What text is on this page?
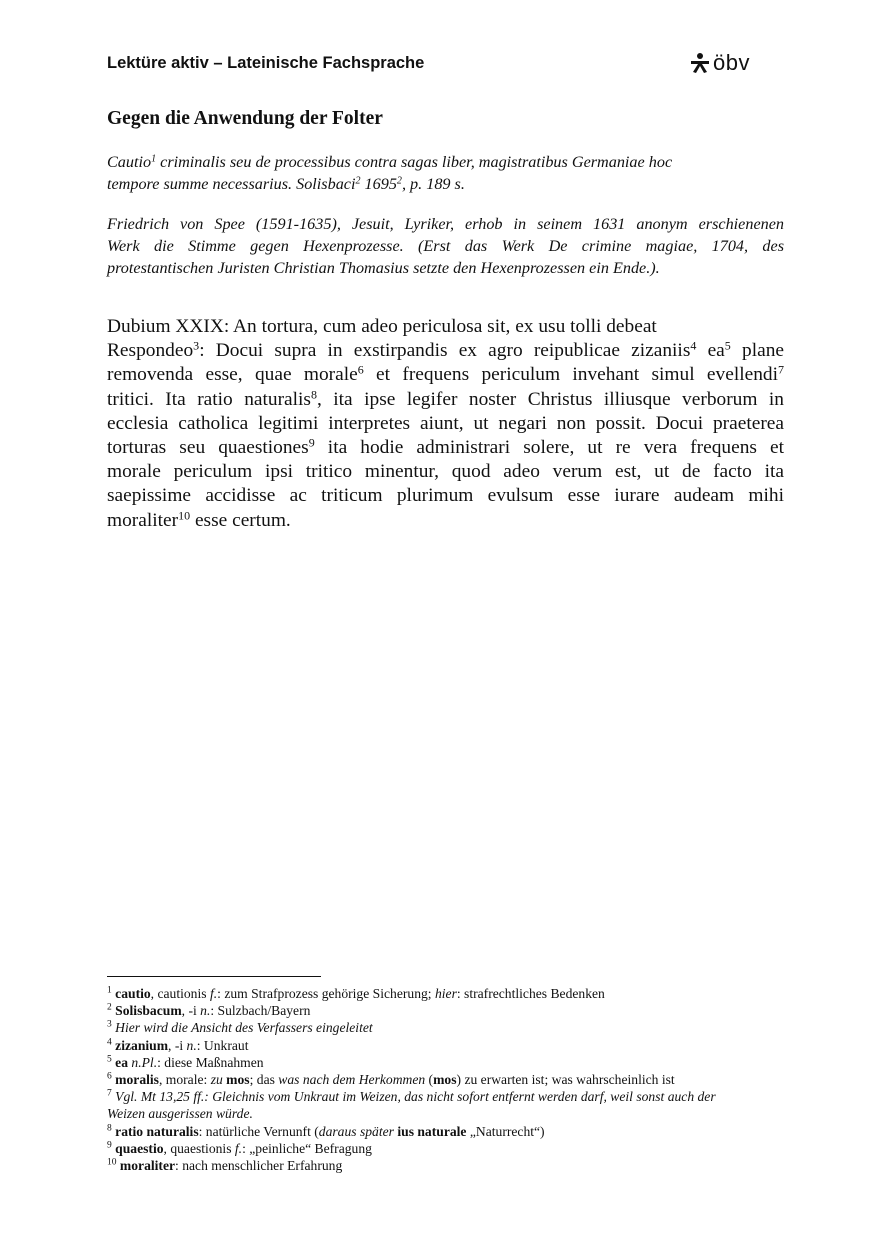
Lektüre aktiv – Lateinische Fachsprache	öbv
Gegen die Anwendung der Folter
Cautio$^1$ criminalis seu de processibus contra sagas liber, magistratibus Germaniae hoc
tempore summe necessarius. Solisbaci$^2$ 1695$^2$, p. 189 s.
Friedrich von Spee (1591-1635), Jesuit, Lyriker, erhob in seinem 1631 anonym erschienenen
Werk die Stimme gegen Hexenprozesse. (Erst das Werk De crimine magiae, 1704, des
protestantischen Juristen Christian Thomasius setzte den Hexenprozessen ein Ende.).
Dubium XXIX: An tortura, cum adeo periculosa sit, ex usu tolli debeat
Respondeo$^3$: Docui supra in exstirpandis ex agro reipublicae zizaniis$^4$ $ea^5$ plane
removenda esse, quae morale$^6$ et frequens periculum invehant simul evellendi$^7$
tritici. Ita ratio naturalis$^8$, ita ipse legifer noster Christus illiusque verborum in
ecclesia catholica legitimi interpretes aiunt, ut negari non possit. Docui praeterea
torturas seu quaestiones$^9$ ita hodie administrari solere, ut re vera frequens et
morale periculum ipsi tritico minentur, quod adeo verum est, ut de facto ita
saepissime accidisse ac triticum plurimum evulsum esse iurare audeam mihi
moraliter$^{10}$ esse certum.
$^1$ cautio, cautionis f.: zum Strafprozess gehörige Sicherung; hier: strafrechtliches Bedenken
$^2$ Solisbacum, -i n.: Sulzbach/Bayern
$^3$ Hier wird die Ansicht des Verfassers eingeleitet
$^4$ zizanium, -i n.: Unkraut
$^5$ ea n.Pl.: diese Maßnahmen
$^6$ moralis, morale: zu mos; das was nach dem Herkommen (mos) zu erwarten ist; was wahrscheinlich ist
$^7$ Vgl. Mt 13,25 ff.: Gleichnis vom Unkraut im Weizen, das nicht sofort entfernt werden darf, weil sonst auch der
Weizen ausgerissen würde.
$^8$ ratio naturalis: natürliche Vernunft (daraus später ius naturale „Naturrecht“)
$^9$ quaestio, quaestionis f.: „peinliche“ Befragung
$^{10}$ moraliter: nach menschlicher Erfahrung
